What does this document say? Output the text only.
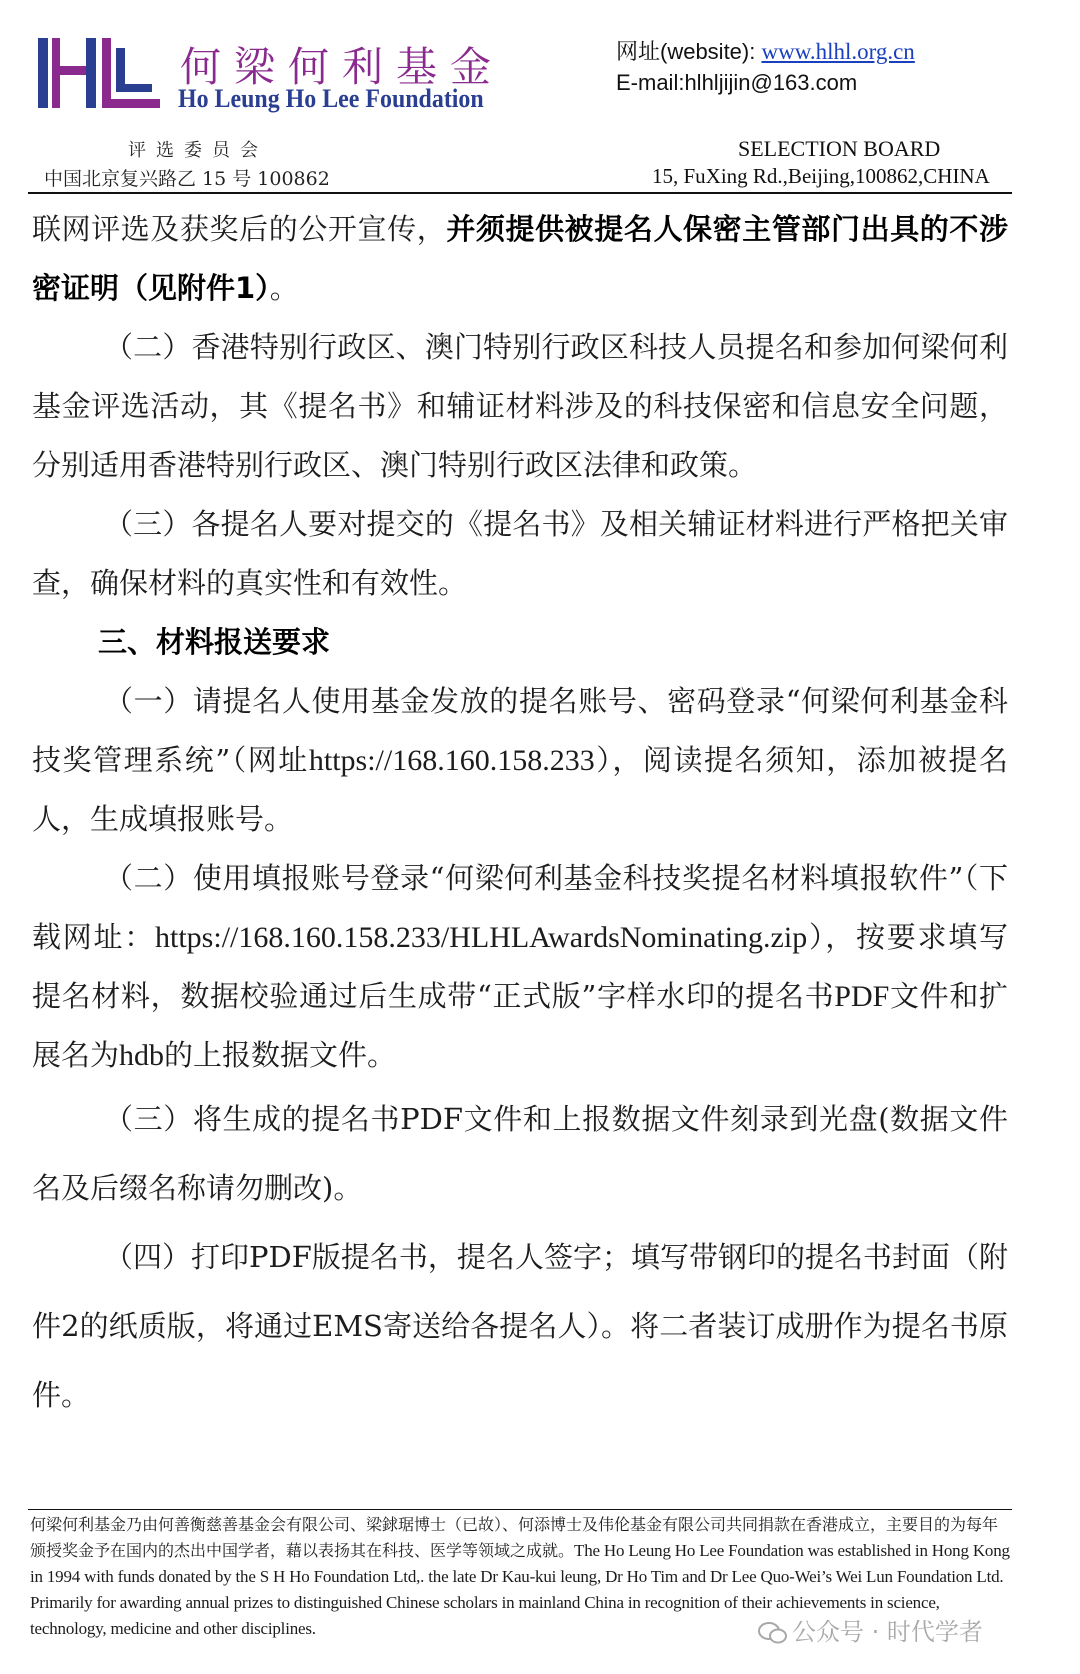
何梁何利基金
Ho Leung Ho Lee Foundation
网址(website): www.hlhl.org.cn
E-mail:hlhljijin@163.com
评选委员会	SELECTION BOARD
中国北京复兴路乙 15 号 100862	15, FuXing Rd.,Beijing,100862,CHINA

联网评选及获奖后的公开宣传，并须提供被提名人保密主管部门出具的不涉密证明（见附件1）。

（二）香港特别行政区、澳门特别行政区科技人员提名和参加何梁何利基金评选活动，其《提名书》和辅证材料涉及的科技保密和信息安全问题，分别适用香港特别行政区、澳门特别行政区法律和政策。

（三）各提名人要对提交的《提名书》及相关辅证材料进行严格把关审查，确保材料的真实性和有效性。

三、材料报送要求

（一）请提名人使用基金发放的提名账号、密码登录“何梁何利基金科技奖管理系统”（网址https://168.160.158.233），阅读提名须知，添加被提名人，生成填报账号。

（二）使用填报账号登录“何梁何利基金科技奖提名材料填报软件”（下载网址：https://168.160.158.233/HLHLAwardsNominating.zip），按要求填写提名材料，数据校验通过后生成带“正式版”字样水印的提名书PDF文件和扩展名为hdb的上报数据文件。

（三）将生成的提名书PDF文件和上报数据文件刻录到光盘(数据文件名及后缀名称请勿删改)。

（四）打印PDF版提名书，提名人签字；填写带钢印的提名书封面（附件2的纸质版，将通过EMS寄送给各提名人）。将二者装订成册作为提名书原件。

何梁何利基金乃由何善衡慈善基金会有限公司、梁銶琚博士（已故）、何添博士及伟伦基金有限公司共同捐款在香港成立，主要目的为每年颁授奖金予在国内的杰出中国学者，藉以表扬其在科技、医学等领域之成就。The Ho Leung Ho Lee Foundation was established in Hong Kong in 1994 with funds donated by the S H Ho Foundation Ltd,. the late Dr Kau-kui leung, Dr Ho Tim and Dr Lee Quo-Wei’s Wei Lun Foundation Ltd. Primarily for awarding annual prizes to distinguished Chinese scholars in mainland China in recognition of their achievements in science, technology, medicine and other disciplines.	公众号 · 时代学者
